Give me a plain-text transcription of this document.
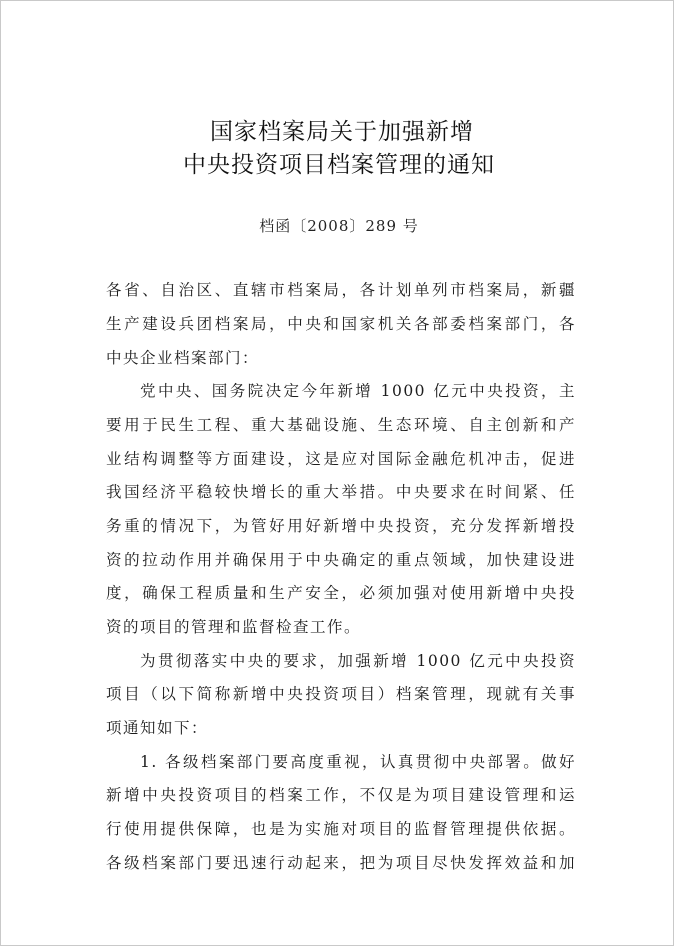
国家档案局关于加强新增
中央投资项目档案管理的通知
档函〔2008〕289 号
各省、自治区、直辖市档案局，各计划单列市档案局，新疆
生产建设兵团档案局，中央和国家机关各部委档案部门，各
中央企业档案部门：
党中央、国务院决定今年新增 1000 亿元中央投资，主
要用于民生工程、重大基础设施、生态环境、自主创新和产
业结构调整等方面建设，这是应对国际金融危机冲击，促进
我国经济平稳较快增长的重大举措。中央要求在时间紧、任
务重的情况下，为管好用好新增中央投资，充分发挥新增投
资的拉动作用并确保用于中央确定的重点领域，加快建设进
度，确保工程质量和生产安全，必须加强对使用新增中央投
资的项目的管理和监督检查工作。
为贯彻落实中央的要求，加强新增 1000 亿元中央投资
项目（以下简称新增中央投资项目）档案管理，现就有关事
项通知如下：
1. 各级档案部门要高度重视，认真贯彻中央部署。做好
新增中央投资项目的档案工作，不仅是为项目建设管理和运
行使用提供保障，也是为实施对项目的监督管理提供依据。
各级档案部门要迅速行动起来，把为项目尽快发挥效益和加
